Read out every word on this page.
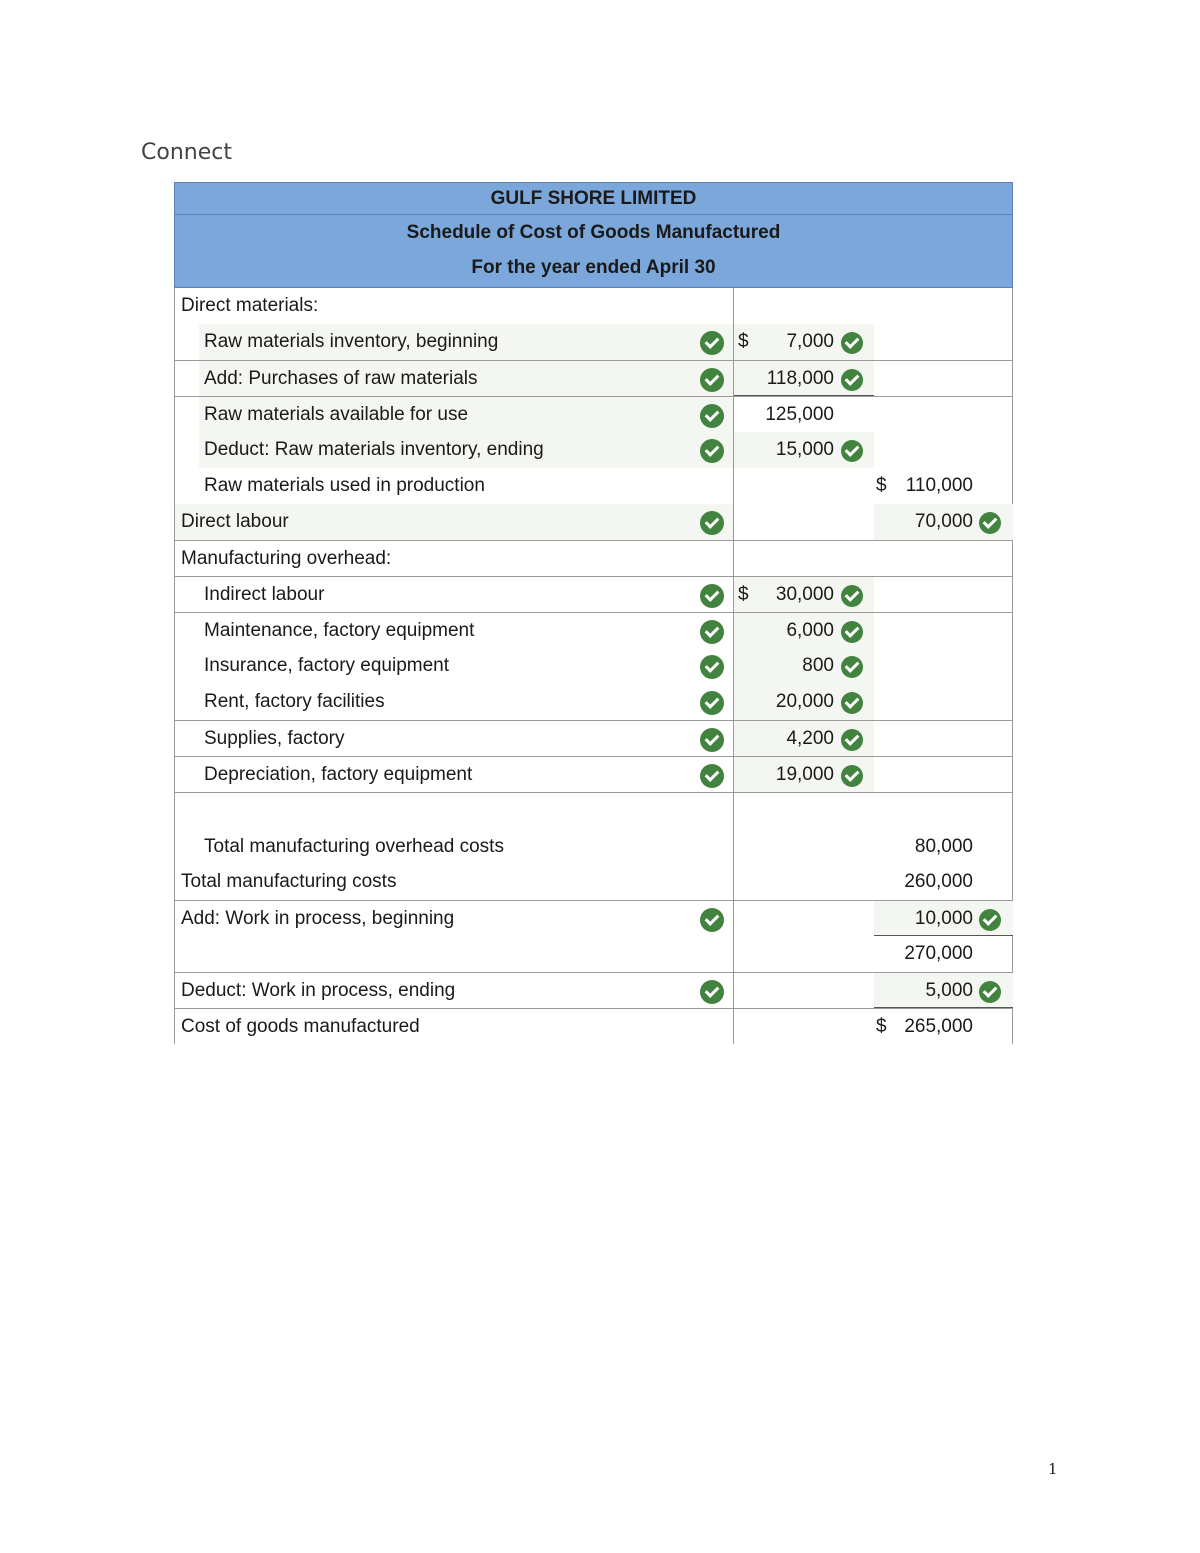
Connect
GULF SHORE LIMITED
Schedule of Cost of Goods Manufactured
For the year ended April 30
Direct materials:
Raw materials inventory, beginning	$ 7,000
Add: Purchases of raw materials	118,000
Raw materials available for use	125,000
Deduct: Raw materials inventory, ending	15,000
Raw materials used in production	$ 110,000
Direct labour	70,000
Manufacturing overhead:
Indirect labour	$ 30,000
Maintenance, factory equipment	6,000
Insurance, factory equipment	800
Rent, factory facilities	20,000
Supplies, factory	4,200
Depreciation, factory equipment	19,000
Total manufacturing overhead costs	80,000
Total manufacturing costs	260,000
Add: Work in process, beginning	10,000
270,000
Deduct: Work in process, ending	5,000
Cost of goods manufactured	$ 265,000
1
